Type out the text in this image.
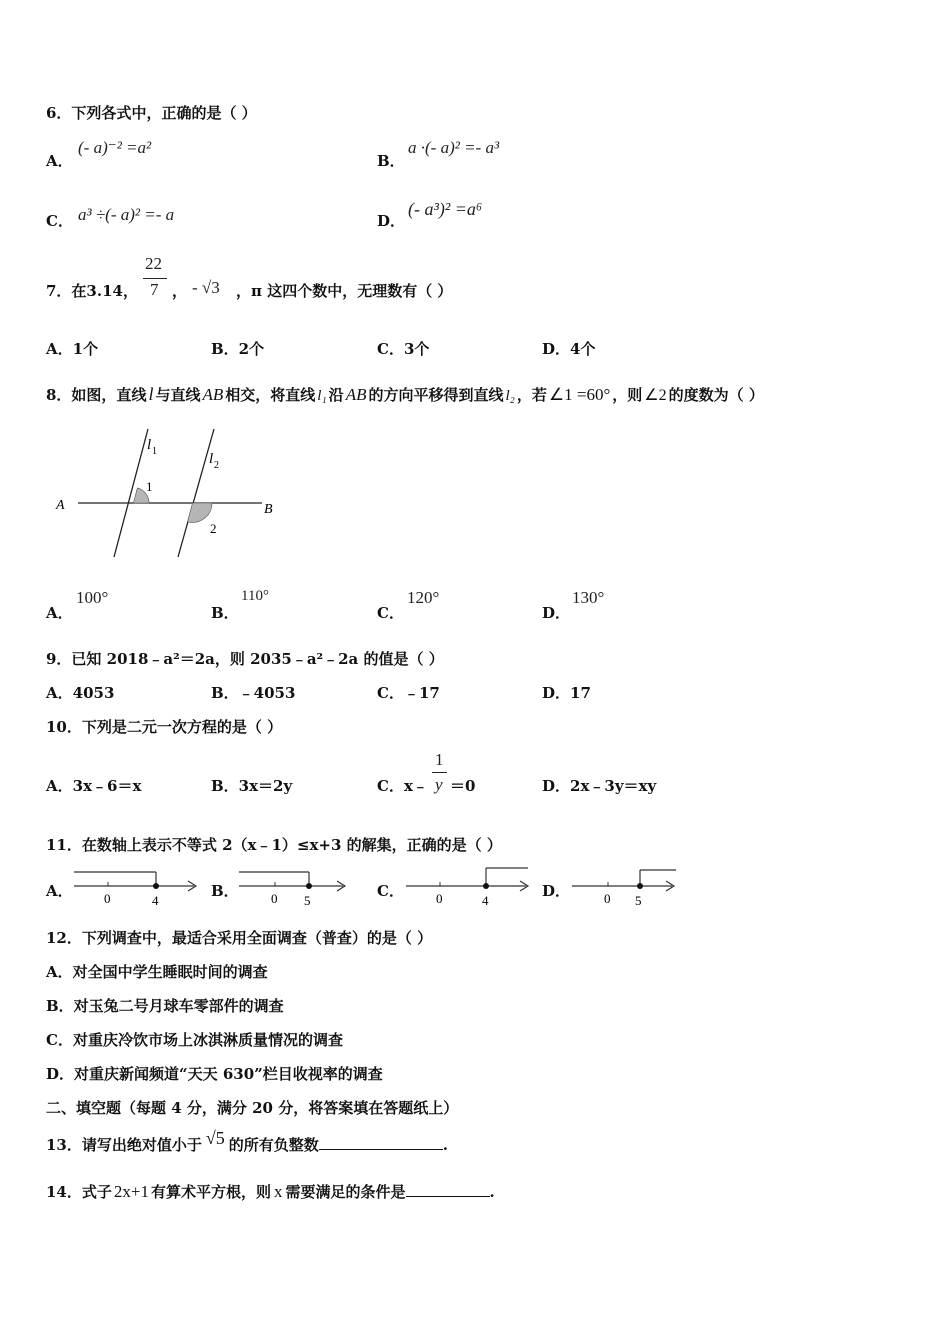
6．下列各式中，正确的是（ ）
A．
(- a)⁻² =a²
B．
a ·(- a)² =- a³
C． a³ ÷(- a)² =- a	D．
(- a³)² =a⁶
7．在3.14，
22
7 ， - √3 ，π 这四个数中，无理数有（ ）
A．1个	B．2个	C．3个	D．4个
8．如图，直线 l 与直线 AB 相交，将直线 l₁ 沿 AB 的方向平移得到直线 l₂ ，若 ∠1 =60° ，则 ∠2 的度数为（ ）
A	B
l 1	l 2
1
2
A．
100°
B．
110°
C．
120°
D．
130°
9．已知 2018﹣a²＝2a，则 2035﹣a²﹣2a 的值是（ ）
A．4053	B．﹣4053	C．﹣17	D．17
10．下列是二元一次方程的是（ ）
A．3x﹣6＝x	B．3x＝2y	C．x﹣
1
y ＝0	D．2x﹣3y＝xy
11．在数轴上表示不等式 2（x﹣1）≤x+3 的解集，正确的是（ ）
A． 0	4
B． 0 5
C． 0	4
D．	0 5
12．下列调查中，最适合采用全面调查（普查）的是（ ）
A．对全国中学生睡眠时间的调查
B．对玉兔二号月球车零部件的调查
C．对重庆冷饮市场上冰淇淋质量情况的调查
D．对重庆新闻频道“天天 630”栏目收视率的调查
二、填空题（每题 4 分，满分 20 分，将答案填在答题纸上）
13．请写出绝对值小于 √5 的所有负整数	.
14．式子 2x+1 有算术平方根，则 x 需要满足的条件是	.
